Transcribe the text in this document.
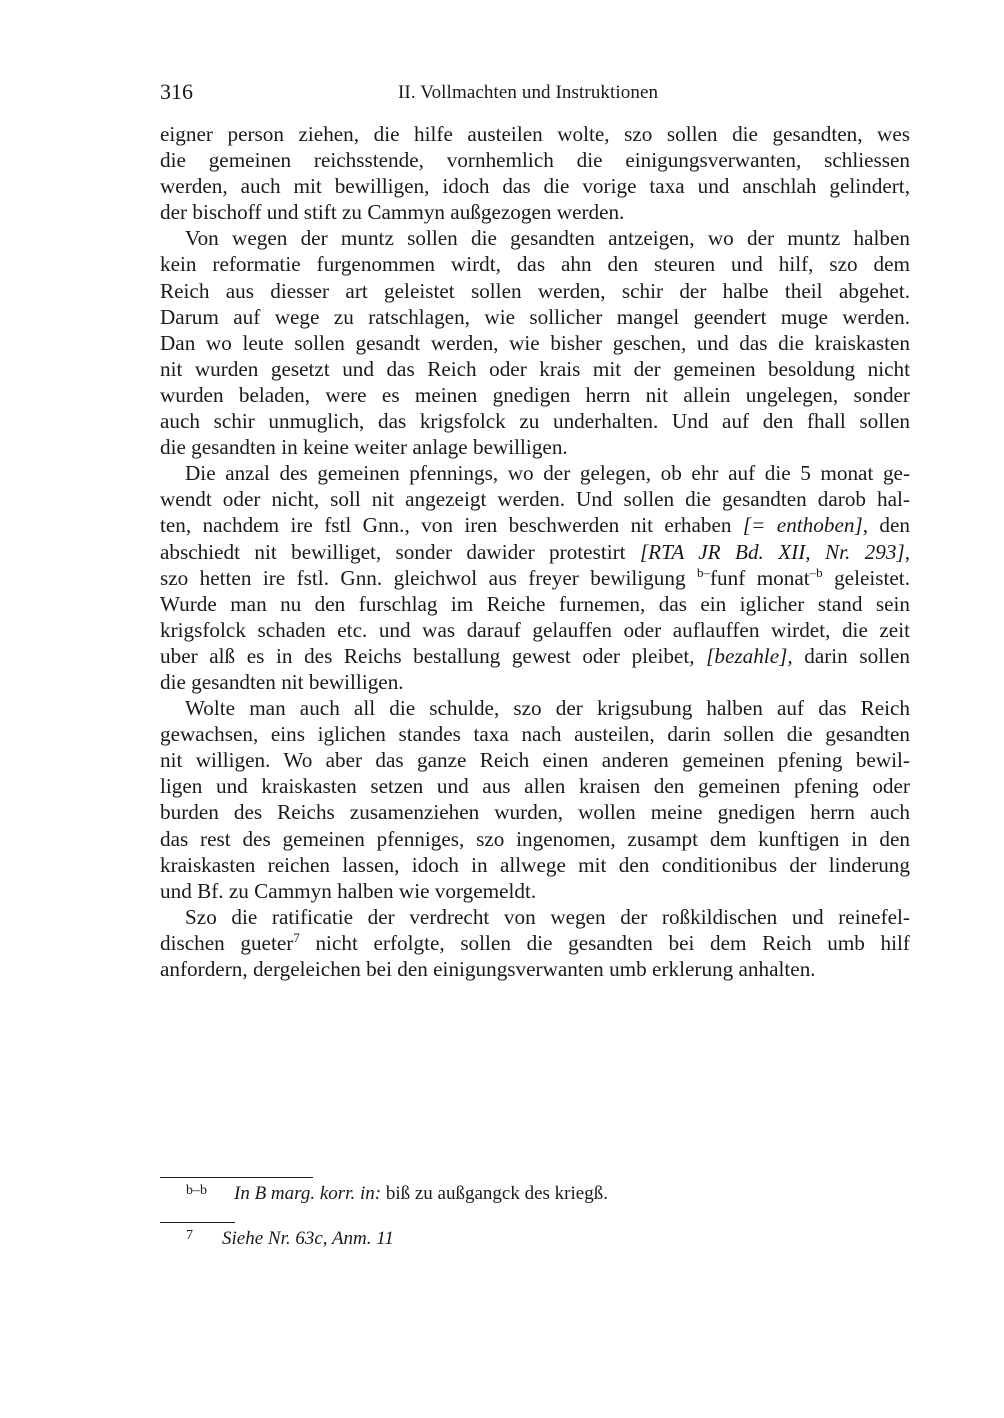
316	II. Vollmachten und Instruktionen
eigner person ziehen, die hilfe austeilen wolte, szo sollen die gesandten, wes
die gemeinen reichsstende, vornhemlich die einigungsverwanten, schliessen
werden, auch mit bewilligen, idoch das die vorige taxa und anschlah gelindert,
der bischoff und stift zu Cammyn außgezogen werden.
Von wegen der muntz sollen die gesandten antzeigen, wo der muntz halben
kein reformatie furgenommen wirdt, das ahn den steuren und hilf, szo dem
Reich aus diesser art geleistet sollen werden, schir der halbe theil abgehet.
Darum auf wege zu ratschlagen, wie sollicher mangel geendert muge werden.
Dan wo leute sollen gesandt werden, wie bisher geschen, und das die kraiskasten
nit wurden gesetzt und das Reich oder krais mit der gemeinen besoldung nicht
wurden beladen, were es meinen gnedigen herrn nit allein ungelegen, sonder
auch schir unmuglich, das krigsfolck zu underhalten. Und auf den fhall sollen
die gesandten in keine weiter anlage bewilligen.
Die anzal des gemeinen pfennings, wo der gelegen, ob ehr auf die 5 monat ge-
wendt oder nicht, soll nit angezeigt werden. Und sollen die gesandten darob hal-
ten, nachdem ire fstl Gnn., von iren beschwerden nit erhaben [= enthoben], den
abschiedt nit bewilliget, sonder dawider protestirt [RTA JR Bd. XII, Nr. 293],
szo hetten ire fstl. Gnn. gleichwol aus freyer bewiligung $^{b-}$funf monat$^{-b}$ geleistet.
Wurde man nu den furschlag im Reiche furnemen, das ein iglicher stand sein
krigsfolck schaden etc. und was darauf gelauffen oder auflauffen wirdet, die zeit
uber alß es in des Reichs bestallung gewest oder pleibet, [bezahle], darin sollen
die gesandten nit bewilligen.
Wolte man auch all die schulde, szo der krigsubung halben auf das Reich
gewachsen, eins iglichen standes taxa nach austeilen, darin sollen die gesandten
nit willigen. Wo aber das ganze Reich einen anderen gemeinen pfening bewil-
ligen und kraiskasten setzen und aus allen kraisen den gemeinen pfening oder
burden des Reichs zusamenziehen wurden, wollen meine gnedigen herrn auch
das rest des gemeinen pfenniges, szo ingenomen, zusampt dem kunftigen in den
kraiskasten reichen lassen, idoch in allwege mit den conditionibus der linderung
und Bf. zu Cammyn halben wie vorgemeldt.
Szo die ratificatie der verdrecht von wegen der roßkildischen und reinefel-
dischen gueter$^7$ nicht erfolgte, sollen die gesandten bei dem Reich umb hilf
anfordern, dergeleichen bei den einigungsverwanten umb erklerung anhalten.
b–b In B marg. korr. in: biß zu außgangck des kriegß.
7 Siehe Nr. 63c, Anm. 11
